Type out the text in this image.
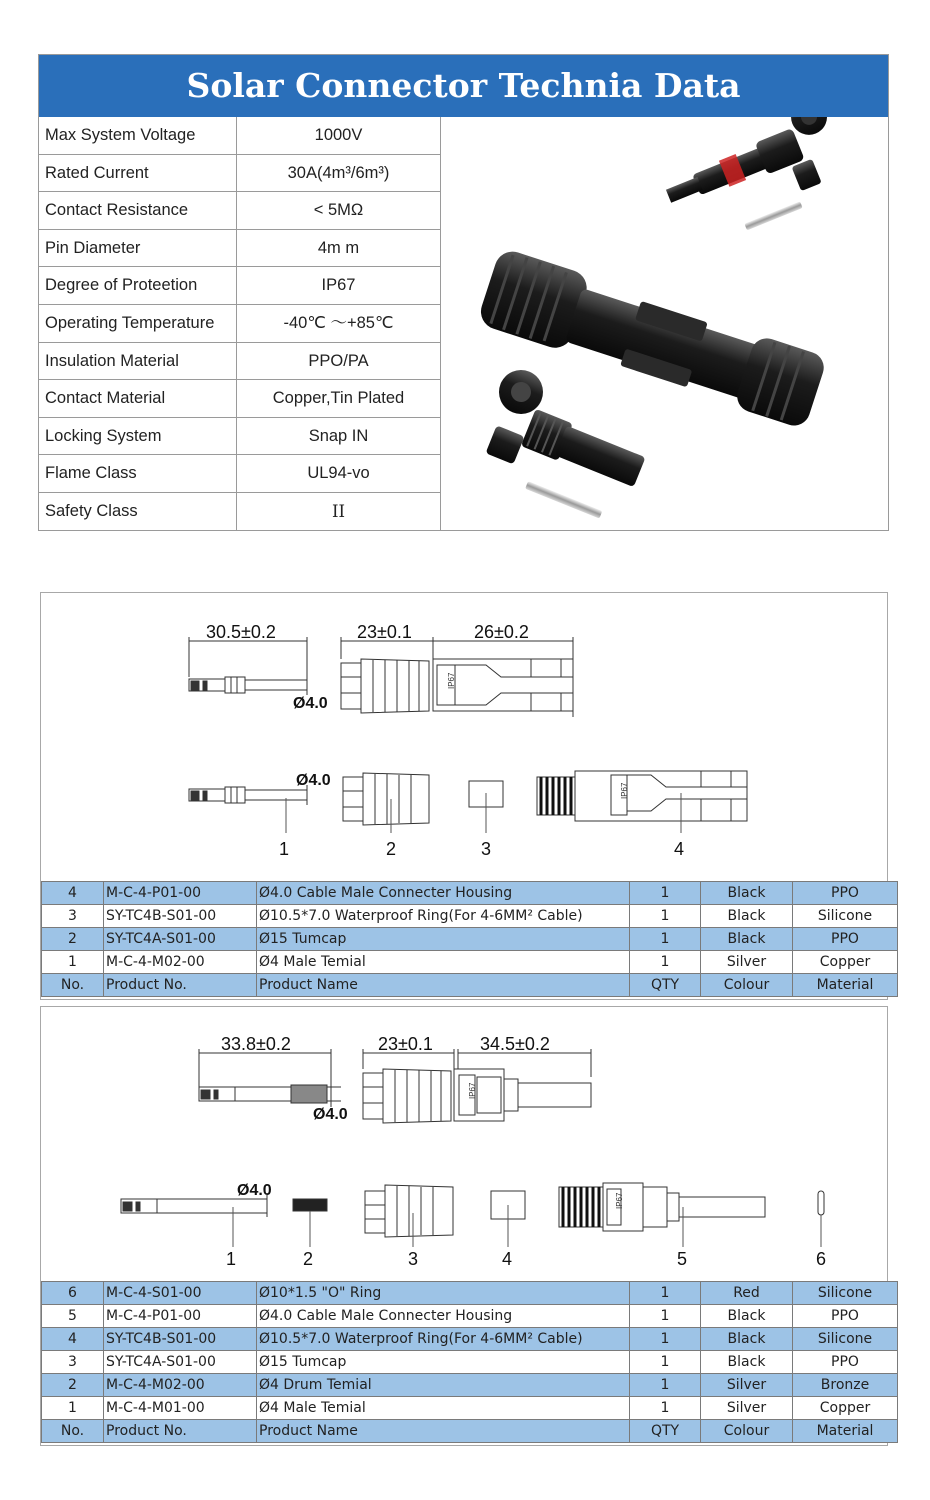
Solar Connector Technia Data
Max System Voltage	1000V
Rated Current	30A(4m³/6m³)
Contact Resistance	< 5MΩ
Pin Diameter	4m m
Degree of Proteetion	IP67
Operating Temperature	-40℃ ～+85℃
Insulation Material	PPO/PA
Contact Material	Copper,Tin Plated
Locking System	Snap IN
Flame Class	UL94-vo
Safety Class	II
30.5±0.2	23±0.1	26±0.2
Ø4.0
IP67
Ø4.0
IP67
1	2	3	4
4	M-C-4-P01-00	Ø4.0 Cable Male Connecter Housing	1	Black	PPO
3	SY-TC4B-S01-00	Ø10.5*7.0 Waterproof Ring(For 4-6MM² Cable)	1	Black	Silicone
2	SY-TC4A-S01-00	Ø15 Tumcap	1	Black	PPO
1	M-C-4-M02-00	Ø4 Male Temial	1	Silver	Copper
No.	Product No.	Product Name	QTY	Colour	Material
33.8±0.2	23±0.1	34.5±0.2
Ø4.0
IP67
Ø4.0
IP67
1	2	3	4	5	6
6	M-C-4-S01-00	Ø10*1.5 "O" Ring	1	Red	Silicone
5	M-C-4-P01-00	Ø4.0 Cable Male Connecter Housing	1	Black	PPO
4	SY-TC4B-S01-00	Ø10.5*7.0 Waterproof Ring(For 4-6MM² Cable)	1	Black	Silicone
3	SY-TC4A-S01-00	Ø15 Tumcap	1	Black	PPO
2	M-C-4-M02-00	Ø4 Drum Temial	1	Silver	Bronze
1	M-C-4-M01-00	Ø4 Male Temial	1	Silver	Copper
No.	Product No.	Product Name	QTY	Colour	Material
